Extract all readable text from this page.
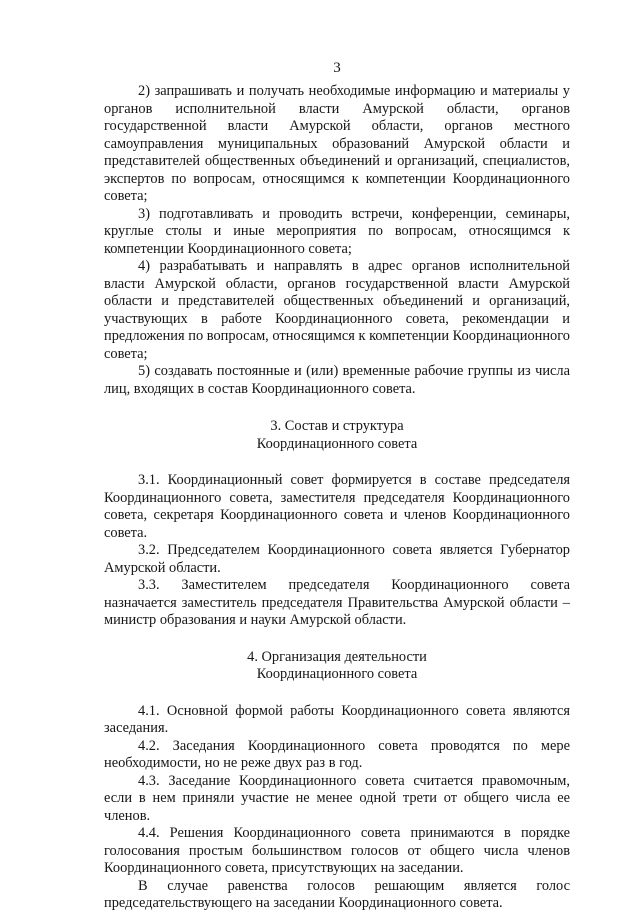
3

2) запрашивать и получать необходимые информацию и материалы у органов исполнительной власти Амурской области, органов государственной власти Амурской области, органов местного самоуправления муниципальных образований Амурской области и представителей общественных объединений и организаций, специалистов, экспертов по вопросам, относящимся к компетенции Координационного совета;

3) подготавливать и проводить встречи, конференции, семинары, круглые столы и иные мероприятия по вопросам, относящимся к компетенции Координационного совета;

4) разрабатывать и направлять в адрес органов исполнительной власти Амурской области, органов государственной власти Амурской области и представителей общественных объединений и организаций, участвующих в работе Координационного совета, рекомендации и предложения по вопросам, относящимся к компетенции Координационного совета;

5) создавать постоянные и (или) временные рабочие группы из числа лиц, входящих в состав Координационного совета.

3. Состав и структура
Координационного совета

3.1. Координационный совет формируется в составе председателя Координационного совета, заместителя председателя Координационного совета, секретаря Координационного совета и членов Координационного совета.

3.2. Председателем Координационного совета является Губернатор Амурской области.

3.3. Заместителем председателя Координационного совета назначается заместитель председателя Правительства Амурской области – министр образования и науки Амурской области.

4. Организация деятельности
Координационного совета

4.1. Основной формой работы Координационного совета являются заседания.

4.2. Заседания Координационного совета проводятся по мере необходимости, но не реже двух раз в год.

4.3. Заседание Координационного совета считается правомочным, если в нем приняли участие не менее одной трети от общего числа ее членов.

4.4. Решения Координационного совета принимаются в порядке голосования простым большинством голосов от общего числа членов Координационного совета, присутствующих на заседании.

В случае равенства голосов решающим является голос председательствующего на заседании Координационного совета.
